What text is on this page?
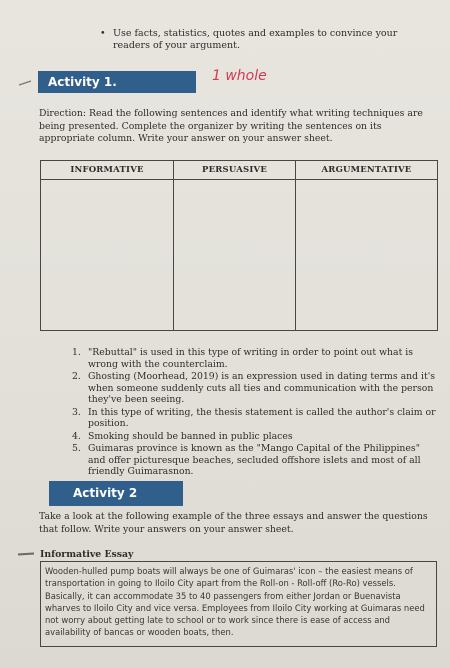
• Use facts, statistics, quotes and examples to convince your readers of your argument.
Activity 1.	1 whole
Direction: Read the following sentences and identify what writing techniques are being presented. Complete the organizer by writing the sentences on its appropriate column. Write your answer on your answer sheet.
INFORMATIVE	PERSUASIVE	ARGUMENTATIVE
1. "Rebuttal" is used in this type of writing in order to point out what is wrong with the counterclaim.
2. Ghosting (Moorhead, 2019) is an expression used in dating terms and it's when someone suddenly cuts all ties and communication with the person they've been seeing.
3. In this type of writing, the thesis statement is called the author's claim or position.
4. Smoking should be banned in public places
5. Guimaras province is known as the "Mango Capital of the Philippines" and offer picturesque beaches, secluded offshore islets and most of all friendly Guimarasnon.
Activity 2
Take a look at the following example of the three essays and answer the questions that follow. Write your answers on your answer sheet.
Informative Essay
Wooden-hulled pump boats will always be one of Guimaras' icon – the easiest means of transportation in going to Iloilo City apart from the Roll-on - Roll-off (Ro-Ro) vessels. Basically, it can accommodate 35 to 40 passengers from either Jordan or Buenavista wharves to Iloilo City and vice versa. Employees from Iloilo City working at Guimaras need not worry about getting late to school or to work since there is ease of access and availability of bancas or wooden boats, then.
